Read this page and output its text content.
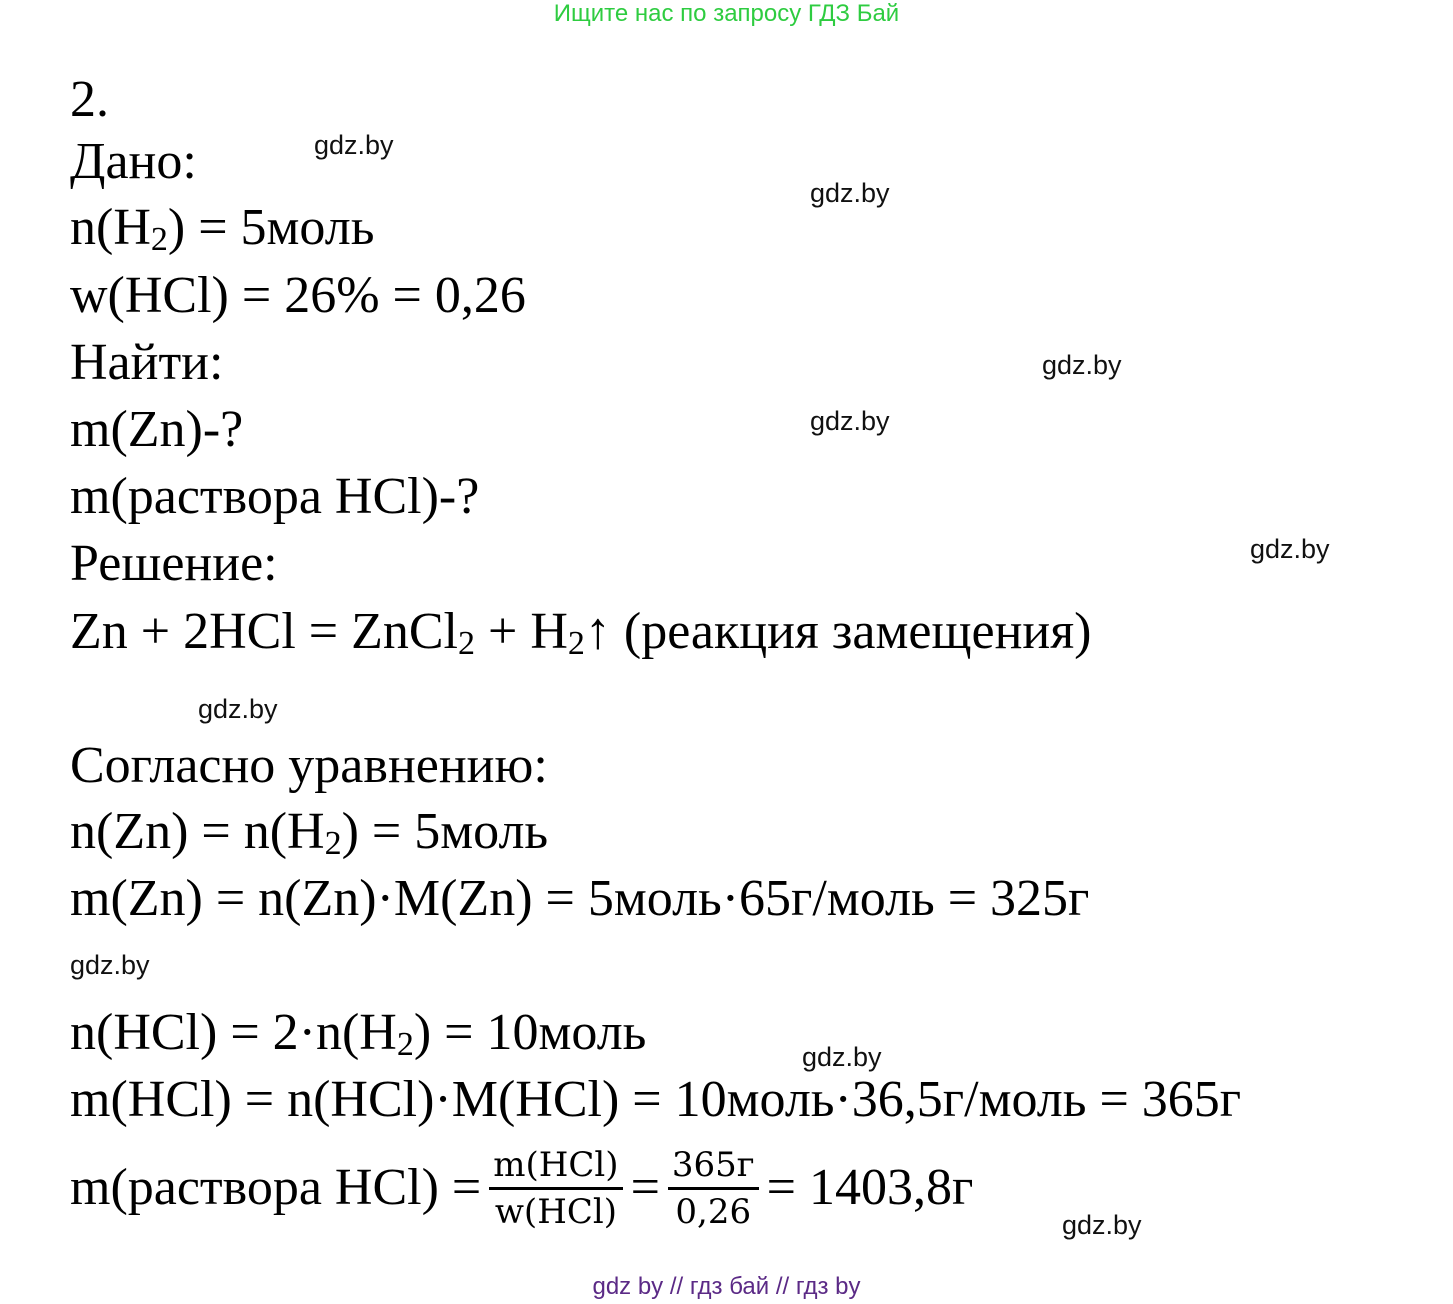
Ищите нас по запросу ГДЗ Бай
2.
Дано:
$n(H_2)$ = 5моль
w(HCl) = 26% = 0,26
Найти:
m(Zn)-?
m(раствора HCl)-?
Решение:
Zn + 2HCl = ZnCl$_2$ + $H_2↑$ (реакция замещения)
Согласно уравнению:
$n(Zn) = n(H_2)$ = 5моль
m(Zn) = n(Zn)·M(Zn) = 5моль·65г/моль = 325г
$n(HCl) = 2\cdot n(H_2)$ = 10моль
m(HCl) = n(HCl)·M(HCl) = 10моль·36,5г/моль = 365г
m(раствора $HCl) = \frac{\text{m(HCl)}}{\text{w(HCl)}} = \frac{365г}{0,26} = 1403,8г$
gdz.by
gdz.by
gdz.by
gdz.by
gdz.by
gdz.by
gdz.by
gdz.by
gdz.by
gdz by // гдз бай // гдз by
